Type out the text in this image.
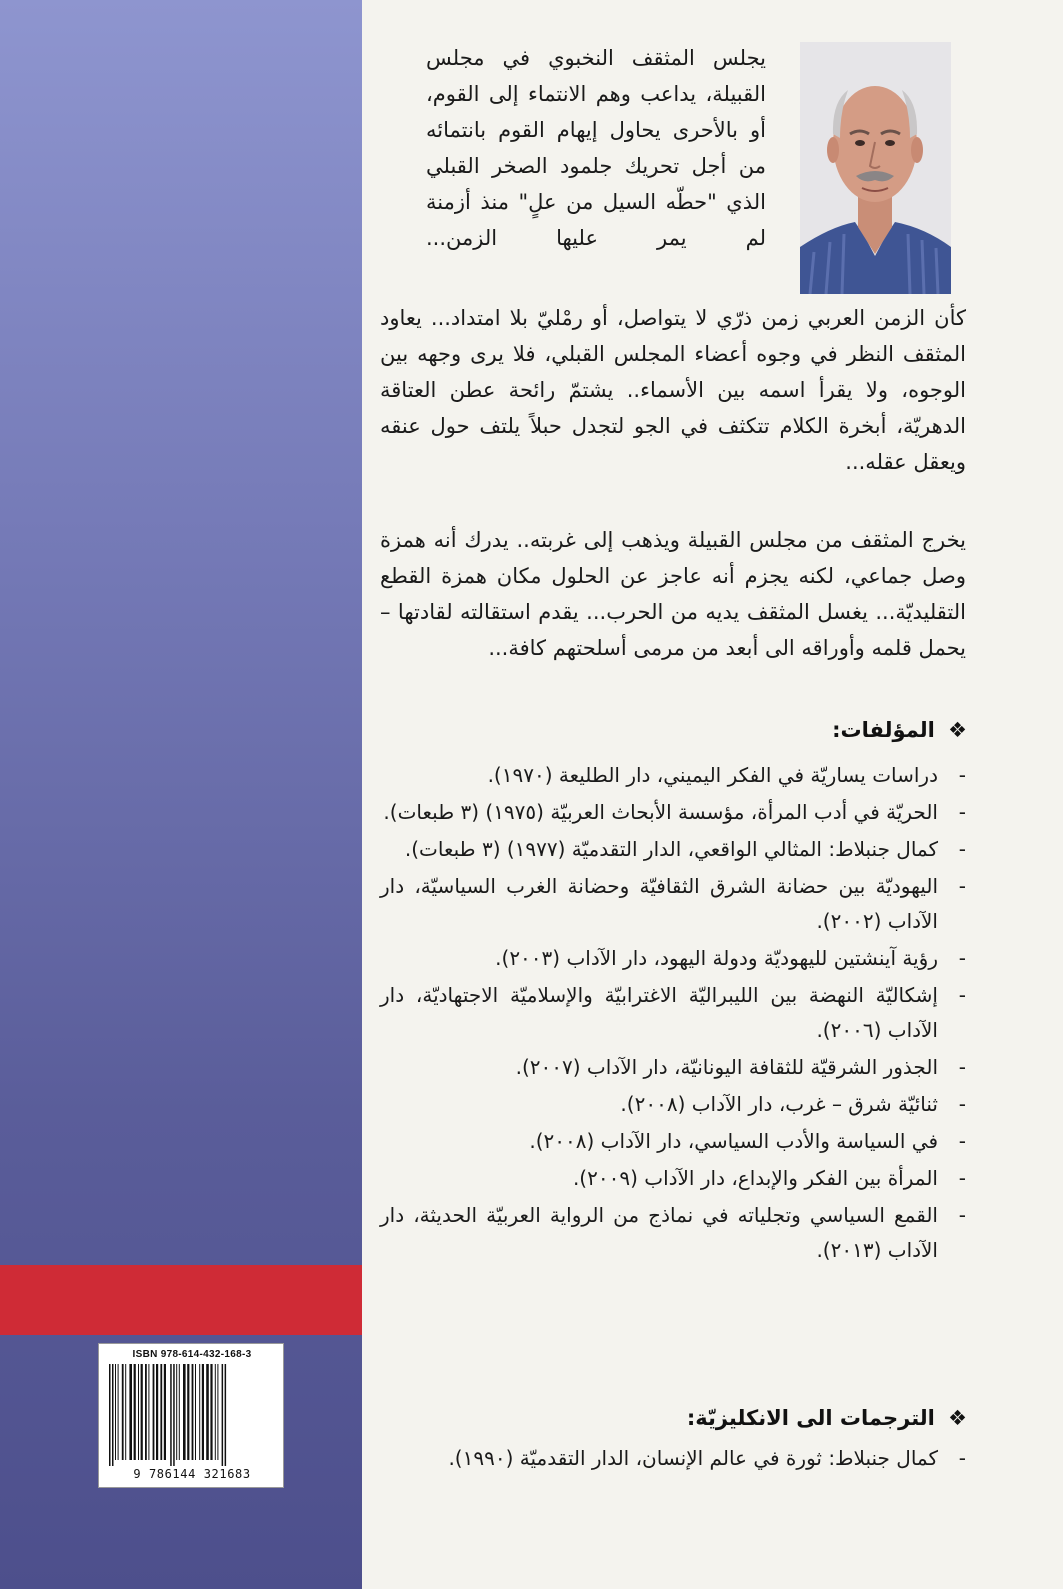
ISBN 978-614-432-168-3
9 786144 321683
يجلس المثقف النخبوي في مجلس القبيلة، يداعب وهم الانتماء إلى القوم، أو بالأحرى يحاول إيهام القوم بانتمائه من أجل تحريك جلمود الصخر القبلي الذي "حطّه السيل من علٍ" منذ أزمنة لم يمر عليها الزمن...
كأن الزمن العربي زمن ذرّي لا يتواصل، أو رمْليّ بلا امتداد... يعاود المثقف النظر في وجوه أعضاء المجلس القبلي، فلا يرى وجهه بين الوجوه، ولا يقرأ اسمه بين الأسماء.. يشتمّ رائحة عطن العتاقة الدهريّة، أبخرة الكلام تتكثف في الجو لتجدل حبلاً يلتف حول عنقه ويعقل عقله...
يخرج المثقف من مجلس القبيلة ويذهب إلى غربته.. يدرك أنه همزة وصل جماعي، لكنه يجزم أنه عاجز عن الحلول مكان همزة القطع التقليديّة... يغسل المثقف يديه من الحرب... يقدم استقالته لقادتها – يحمل قلمه وأوراقه الى أبعد من مرمى أسلحتهم كافة...
❖ المؤلفات:
-
دراسات يساريّة في الفكر اليميني، دار الطليعة (١٩٧٠).
-
الحريّة في أدب المرأة، مؤسسة الأبحاث العربيّة (١٩٧٥) (٣ طبعات).
-
كمال جنبلاط: المثالي الواقعي، الدار التقدميّة (١٩٧٧) (٣ طبعات).
-
اليهوديّة بين حضانة الشرق الثقافيّة وحضانة الغرب السياسيّة، دار الآداب (٢٠٠٢).
-
رؤية آينشتين لليهوديّة ودولة اليهود، دار الآداب (٢٠٠٣).
-
إشكاليّة النهضة بين الليبراليّة الاغترابيّة والإسلاميّة الاجتهاديّة، دار الآداب (٢٠٠٦).
-
الجذور الشرقيّة للثقافة اليونانيّة، دار الآداب (٢٠٠٧).
-
ثنائيّة شرق – غرب، دار الآداب (٢٠٠٨).
-
في السياسة والأدب السياسي، دار الآداب (٢٠٠٨).
-
المرأة بين الفكر والإبداع، دار الآداب (٢٠٠٩).
-
القمع السياسي وتجلياته في نماذج من الرواية العربيّة الحديثة، دار الآداب (٢٠١٣).
❖ الترجمات الى الانكليزيّة:
-
كمال جنبلاط: ثورة في عالم الإنسان، الدار التقدميّة (١٩٩٠).
